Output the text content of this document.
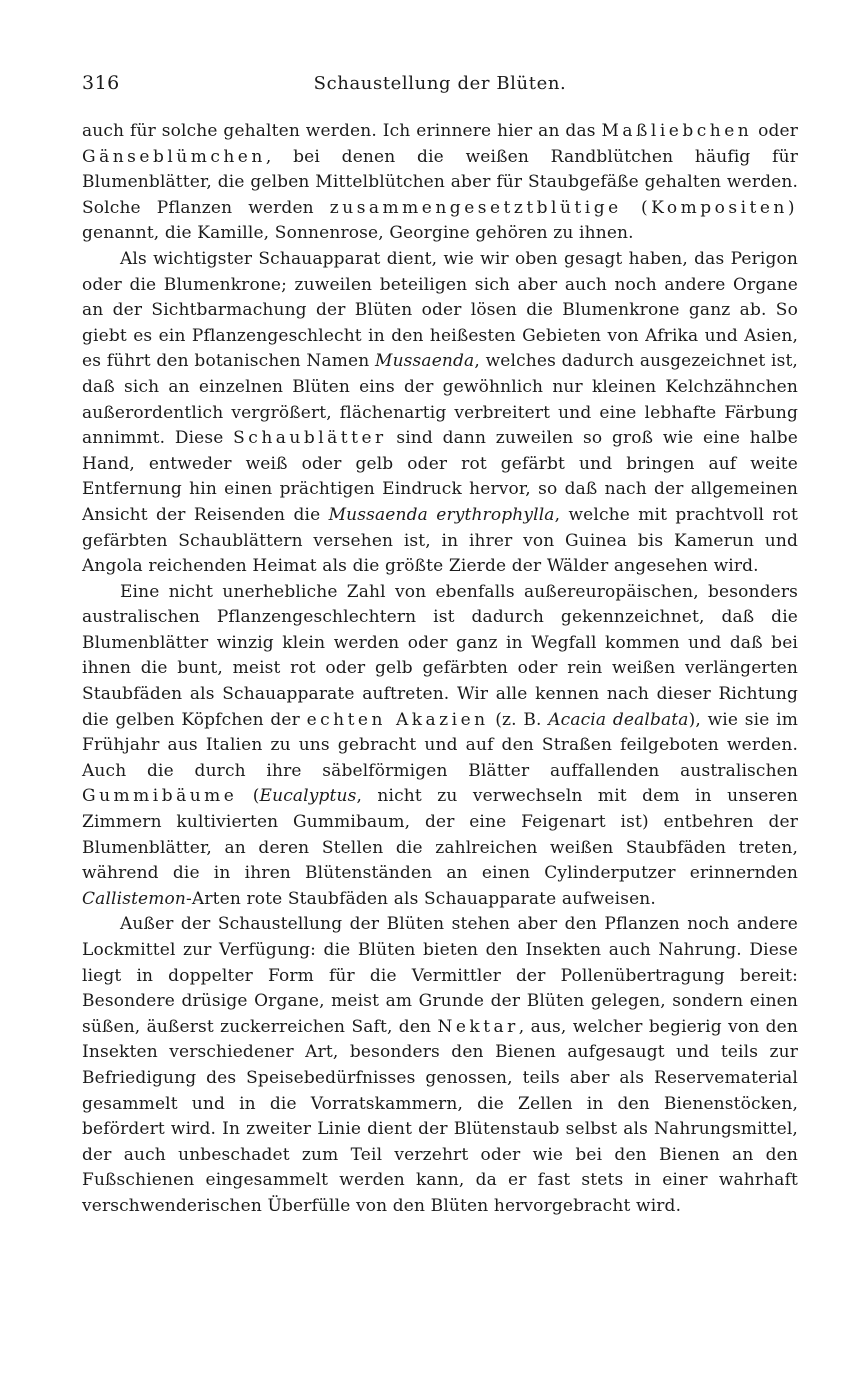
316	Schaustellung der Blüten.

auch für solche gehalten werden. Ich erinnere hier an das Maßliebchen oder Gänseblümchen, bei denen die weißen Randblütchen häufig für Blumenblätter, die gelben Mittelblütchen aber für Staubgefäße gehalten werden. Solche Pflanzen werden zusammengesetztblütige (Kompositen) genannt, die Kamille, Sonnenrose, Georgine gehören zu ihnen.

Als wichtigster Schauapparat dient, wie wir oben gesagt haben, das Perigon oder die Blumenkrone; zuweilen beteiligen sich aber auch noch andere Organe an der Sichtbarmachung der Blüten oder lösen die Blumenkrone ganz ab. So giebt es ein Pflanzengeschlecht in den heißesten Gebieten von Afrika und Asien, es führt den botanischen Namen Mussaenda, welches dadurch ausgezeichnet ist, daß sich an einzelnen Blüten eins der gewöhnlich nur kleinen Kelchzähnchen außerordentlich vergrößert, flächenartig verbreitert und eine lebhafte Färbung annimmt. Diese Schaublätter sind dann zuweilen so groß wie eine halbe Hand, entweder weiß oder gelb oder rot gefärbt und bringen auf weite Entfernung hin einen prächtigen Eindruck hervor, so daß nach der allgemeinen Ansicht der Reisenden die Mussaenda erythrophylla, welche mit prachtvoll rot gefärbten Schaublättern versehen ist, in ihrer von Guinea bis Kamerun und Angola reichenden Heimat als die größte Zierde der Wälder angesehen wird.

Eine nicht unerhebliche Zahl von ebenfalls außereuropäischen, besonders australischen Pflanzengeschlechtern ist dadurch gekennzeichnet, daß die Blumenblätter winzig klein werden oder ganz in Wegfall kommen und daß bei ihnen die bunt, meist rot oder gelb gefärbten oder rein weißen verlängerten Staubfäden als Schauapparate auftreten. Wir alle kennen nach dieser Richtung die gelben Köpfchen der echten Akazien (z. B. Acacia dealbata), wie sie im Frühjahr aus Italien zu uns gebracht und auf den Straßen feilgeboten werden. Auch die durch ihre säbelförmigen Blätter auffallenden australischen Gummibäume (Eucalyptus, nicht zu verwechseln mit dem in unseren Zimmern kultivierten Gummibaum, der eine Feigenart ist) entbehren der Blumenblätter, an deren Stellen die zahlreichen weißen Staubfäden treten, während die in ihren Blütenständen an einen Cylinderputzer erinnernden Callistemon-Arten rote Staubfäden als Schauapparate aufweisen.

Außer der Schaustellung der Blüten stehen aber den Pflanzen noch andere Lockmittel zur Verfügung: die Blüten bieten den Insekten auch Nahrung. Diese liegt in doppelter Form für die Vermittler der Pollenübertragung bereit: Besondere drüsige Organe, meist am Grunde der Blüten gelegen, sondern einen süßen, äußerst zuckerreichen Saft, den Nektar, aus, welcher begierig von den Insekten verschiedener Art, besonders den Bienen aufgesaugt und teils zur Befriedigung des Speisebedürfnisses genossen, teils aber als Reservematerial gesammelt und in die Vorratskammern, die Zellen in den Bienenstöcken, befördert wird. In zweiter Linie dient der Blütenstaub selbst als Nahrungsmittel, der auch unbeschadet zum Teil verzehrt oder wie bei den Bienen an den Fußschienen eingesammelt werden kann, da er fast stets in einer wahrhaft verschwenderischen Überfülle von den Blüten hervorgebracht wird.
